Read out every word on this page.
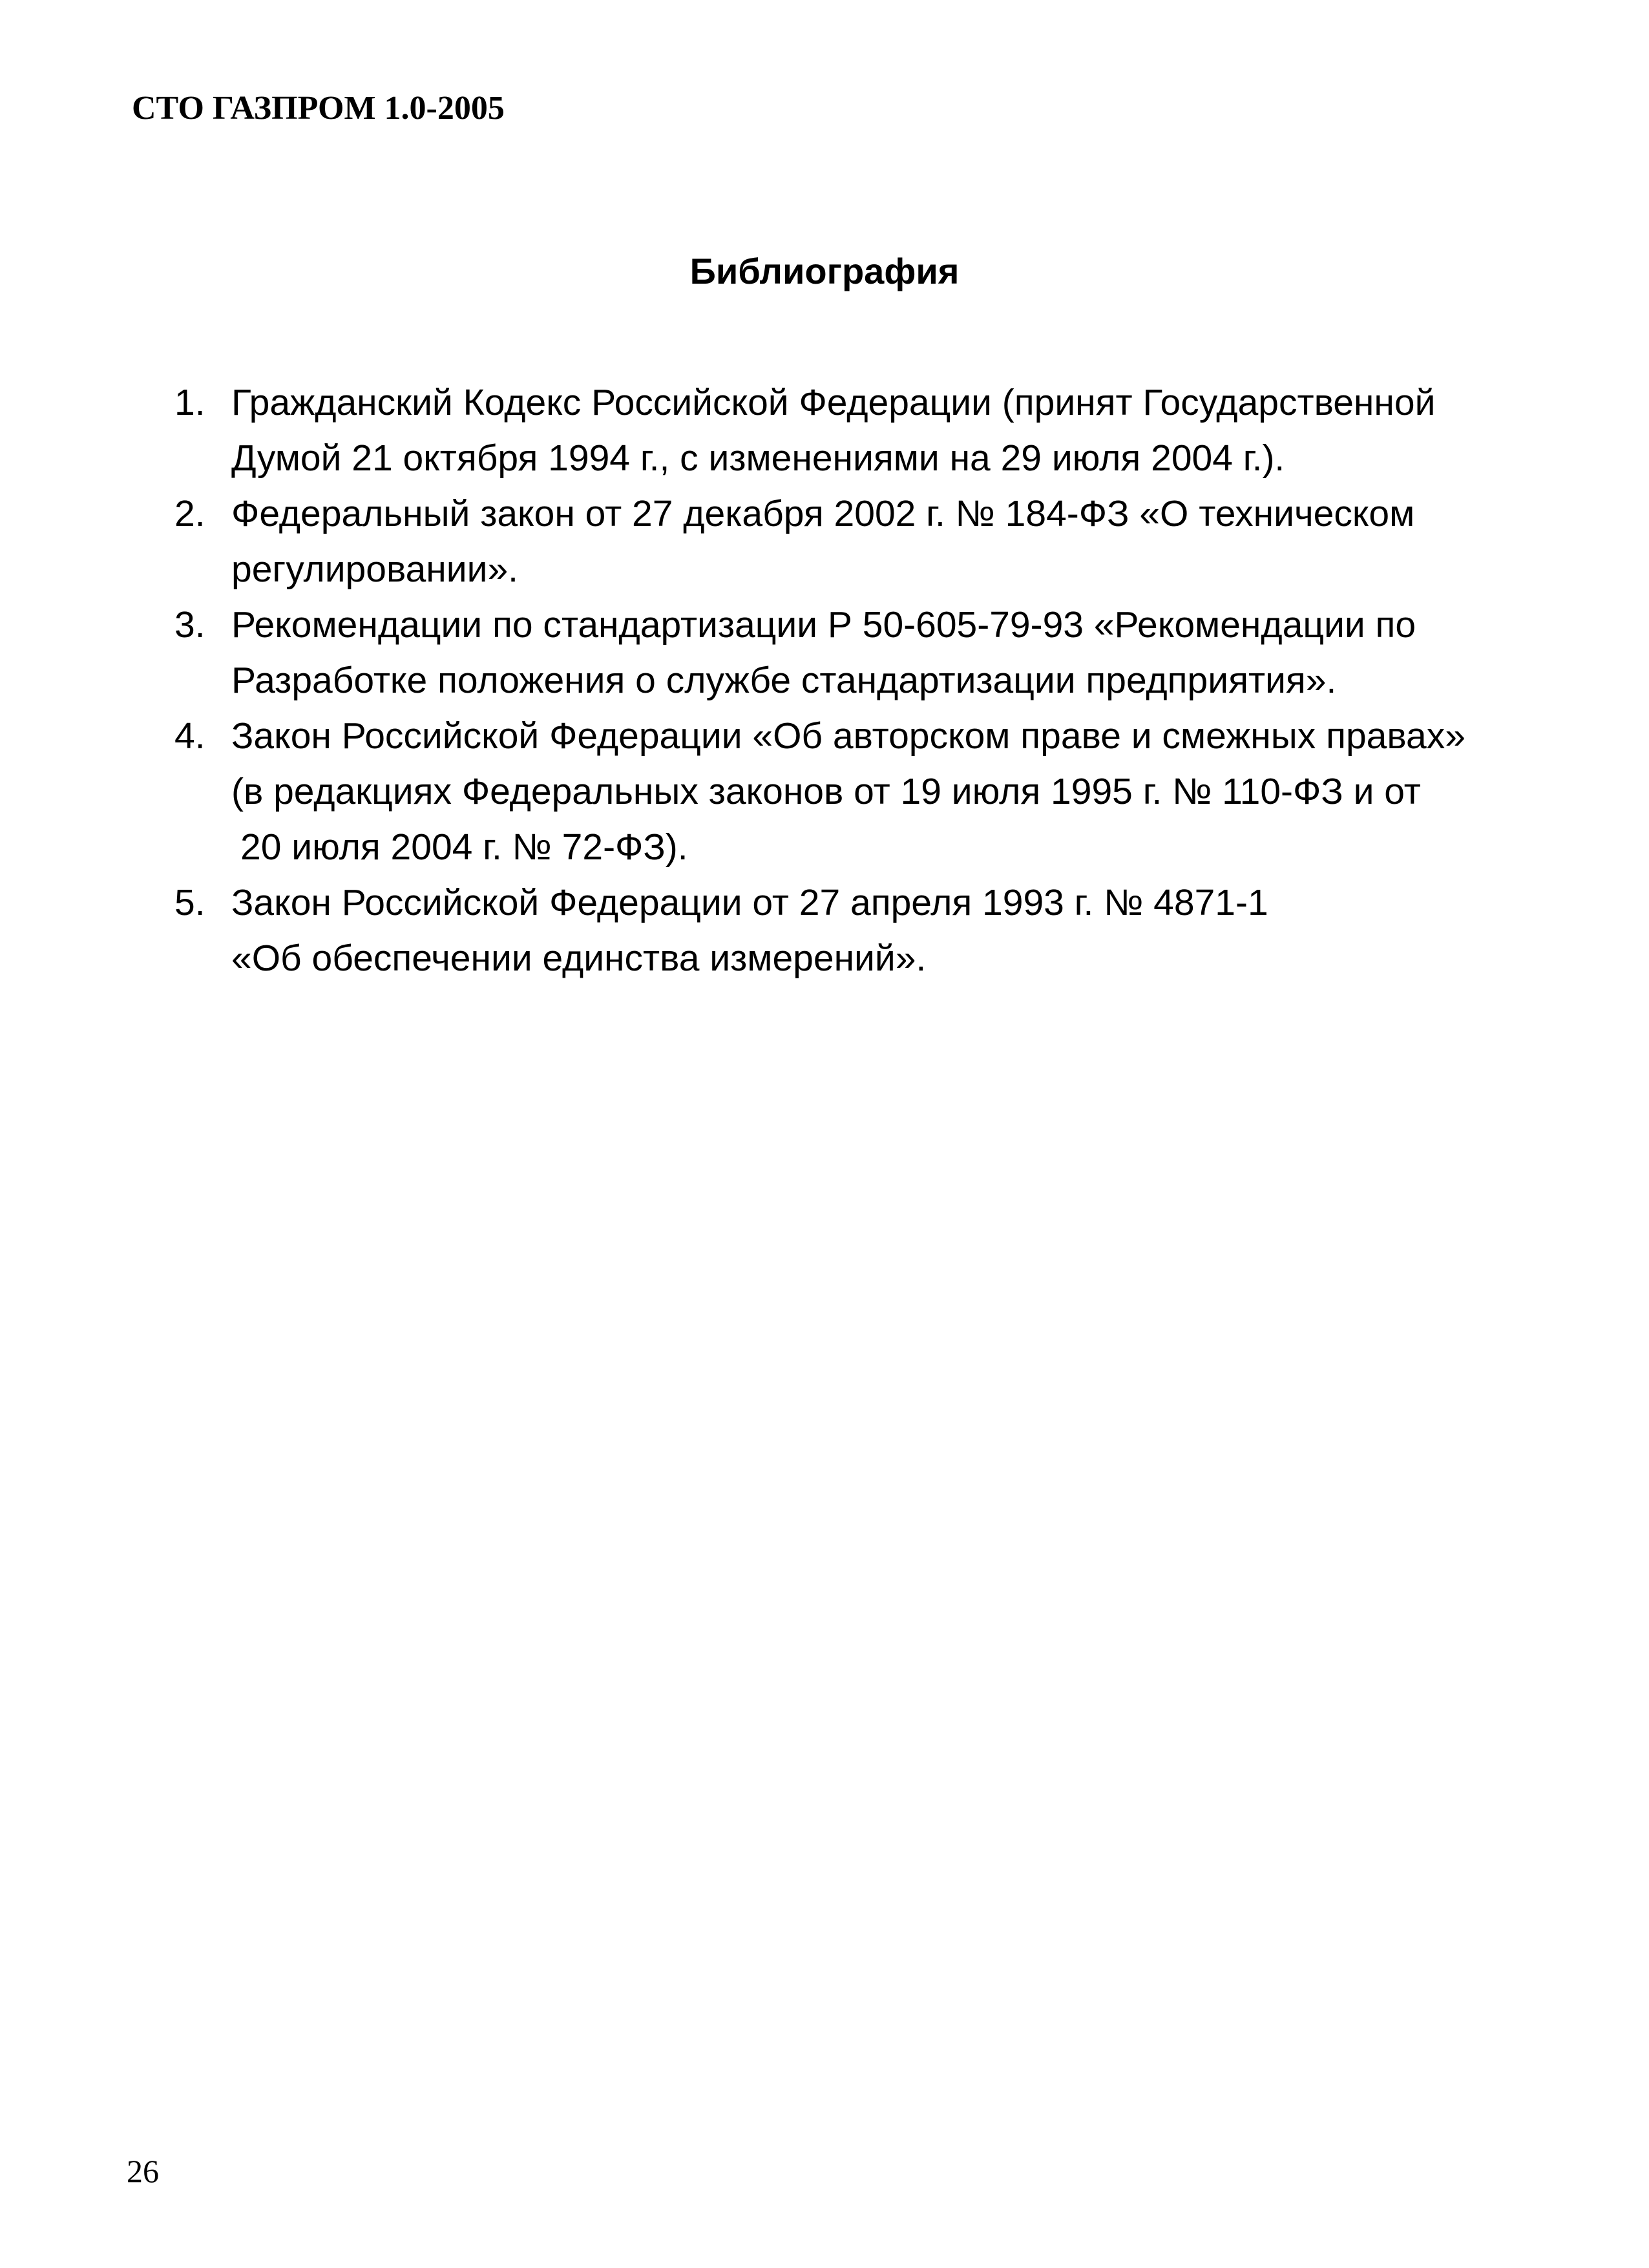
СТО ГАЗПРОМ 1.0-2005
Библиография
1. Гражданский Кодекс Российской Федерации (принят Государственной
Думой 21 октября 1994 г., с изменениями на 29 июля 2004 г.).
2. Федеральный закон от 27 декабря 2002 г. № 184-ФЗ «О техническом
регулировании».
3. Рекомендации по стандартизации Р 50-605-79-93 «Рекомендации по
Разработке положения о службе стандартизации предприятия».
4. Закон Российской Федерации «Об авторском праве и смежных правах»
(в редакциях Федеральных законов от 19 июля 1995 г. № 110-ФЗ и от
20 июля 2004 г. № 72-ФЗ).
5. Закон Российской Федерации от 27 апреля 1993 г. № 4871-1
«Об обеспечении единства измерений».
26
